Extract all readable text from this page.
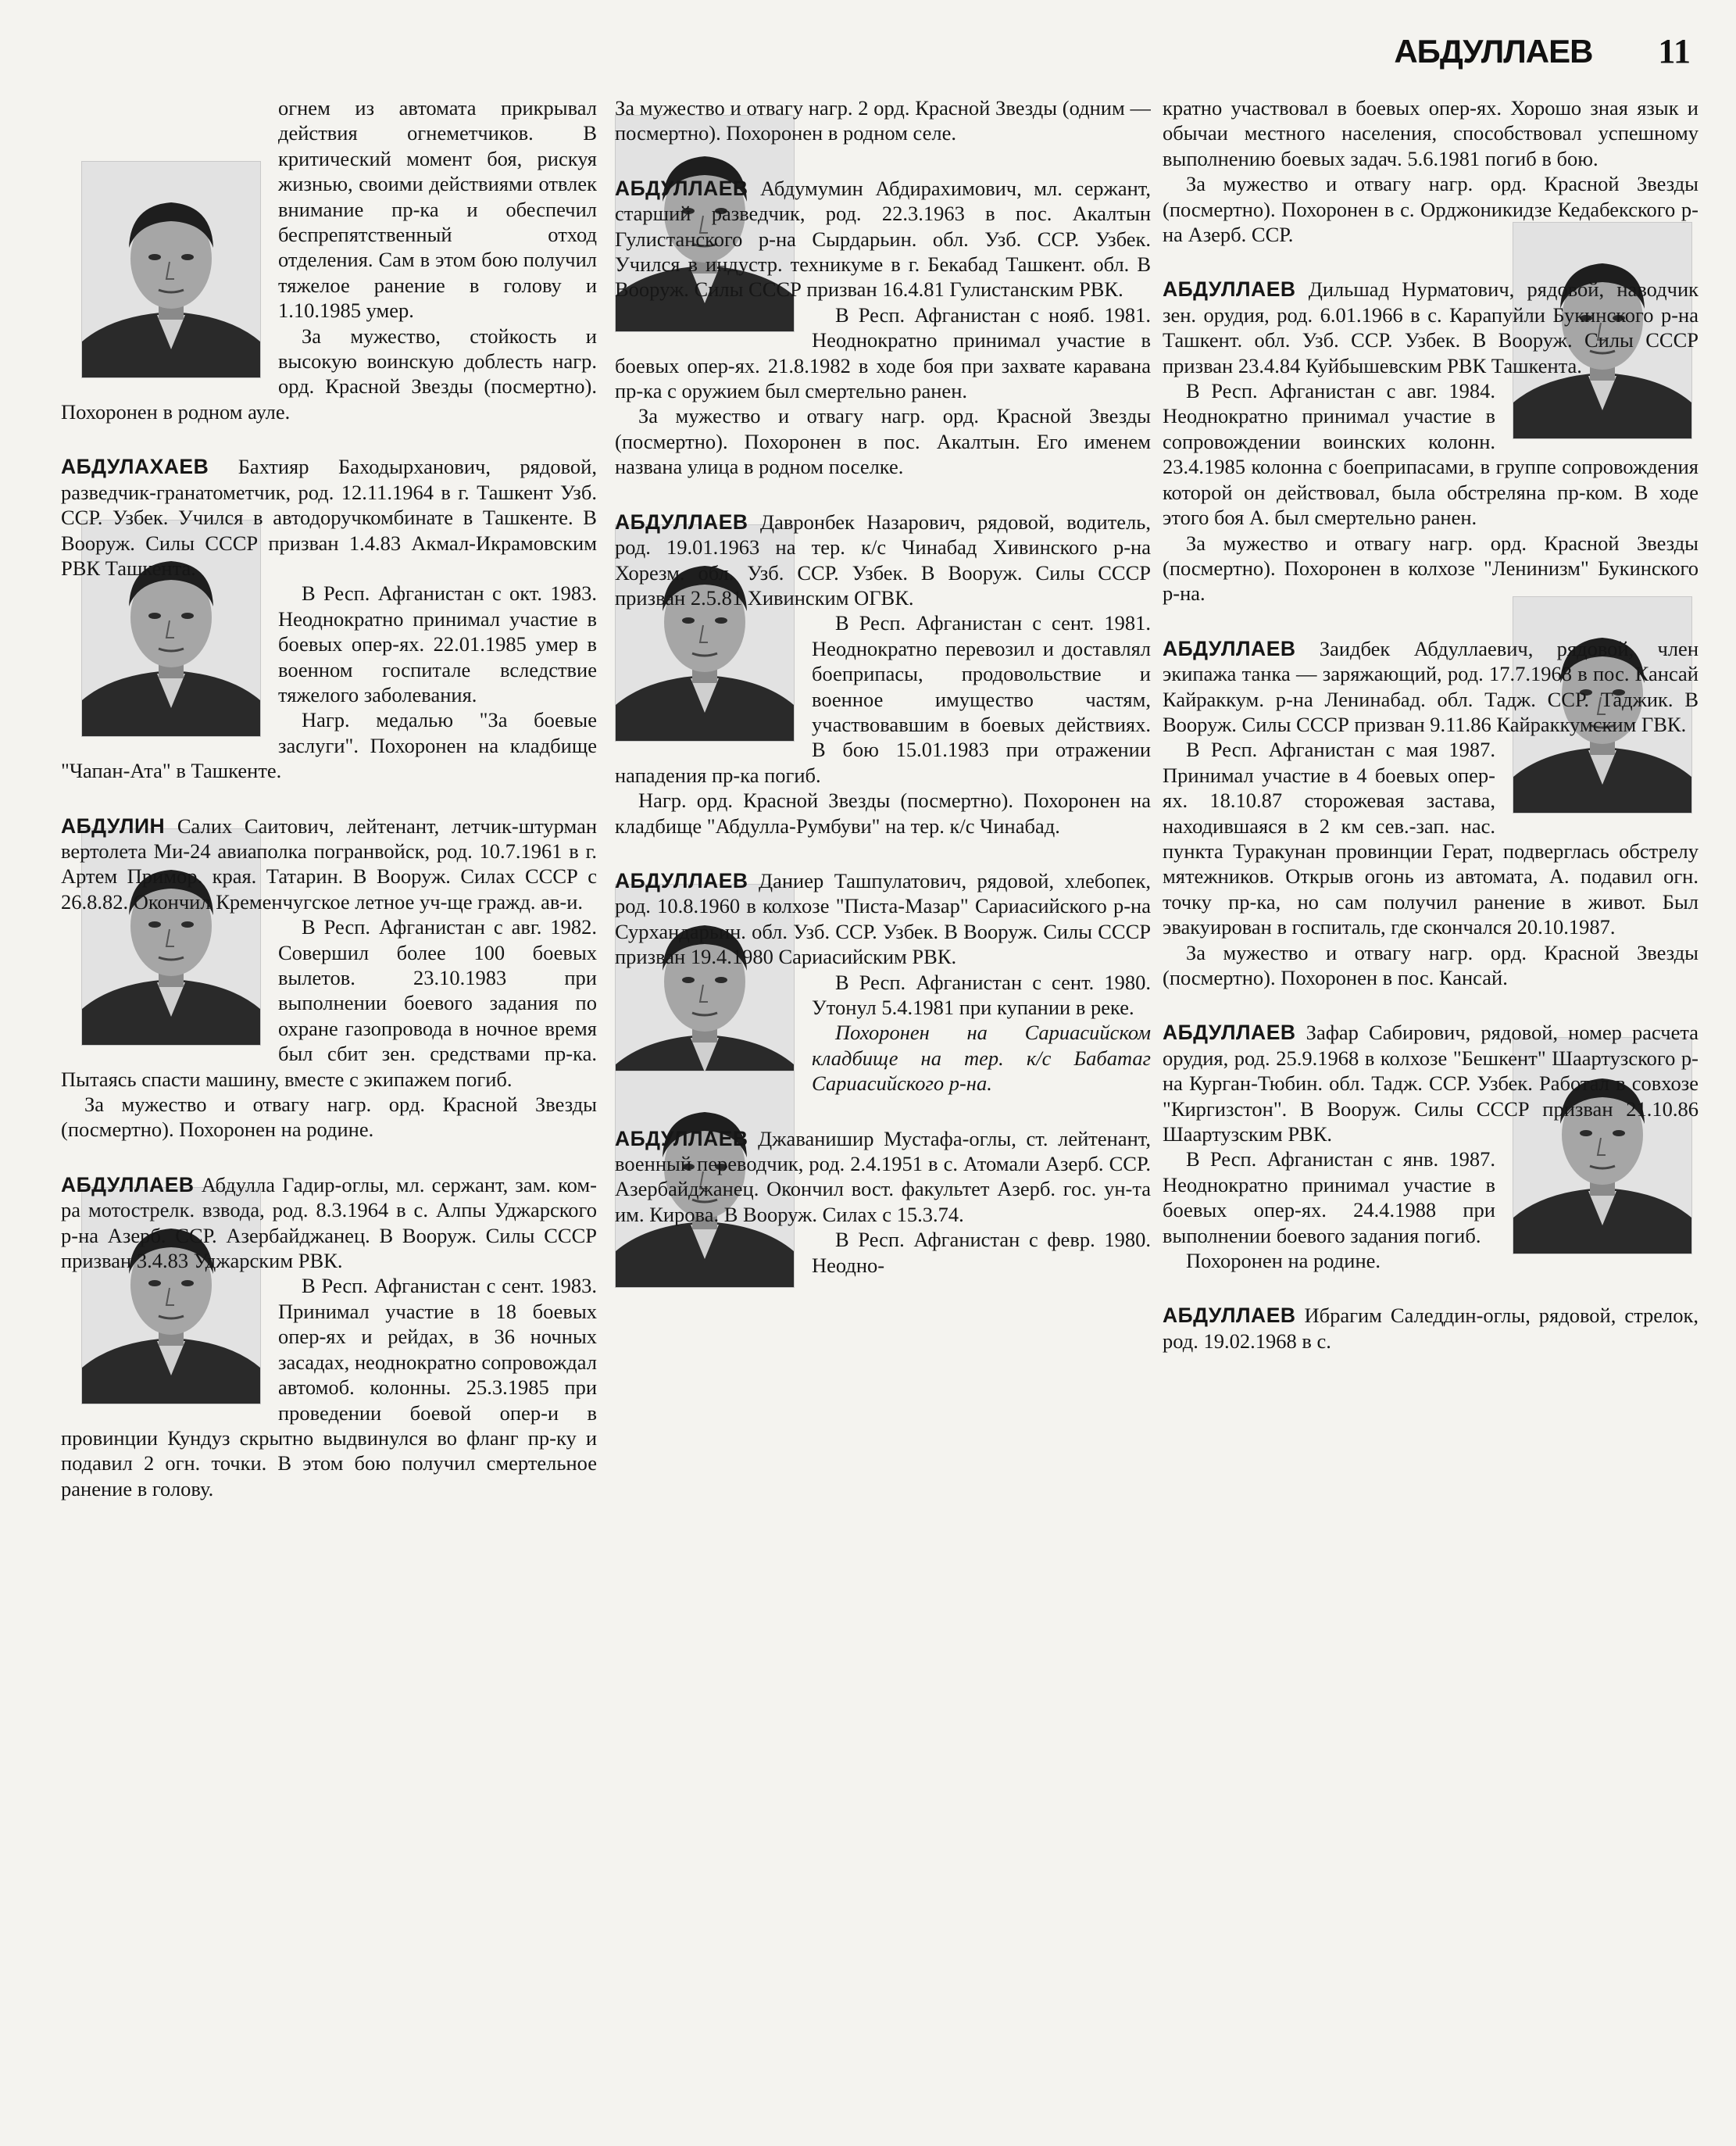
АБДУЛЛАЕВ 11

огнем из автомата прикрывал действия огнеметчиков. В критический момент боя, рискуя жизнью, своими действиями отвлек внимание пр-ка и обеспечил беспрепятственный отход отделения. Сам в этом бою получил тяжелое ранение в голову и 1.10.1985 умер.

За мужество, стойкость и высокую воинскую доблесть нагр. орд. Красной Звезды (посмертно). Похоронен в родном ауле.

АБДУЛАХАЕВ Бахтияр Баходырханович, рядовой, разведчик-гранатометчик, род. 12.11.1964 в г. Ташкент Узб. ССР. Узбек. Учился в автодоручкомбинате в Ташкенте. В Вооруж. Силы СССР призван 1.4.83 Акмал-Икрамовским РВК Ташкента.

В Респ. Афганистан с окт. 1983. Неоднократно принимал участие в боевых опер-ях. 22.01.1985 умер в военном госпитале вследствие тяжелого заболевания.

Нагр. медалью "За боевые заслуги". Похоронен на кладбище "Чапан-Ата" в Ташкенте.

АБДУЛИН Салих Саитович, лейтенант, летчик-штурман вертолета Ми-24 авиаполка погранвойск, род. 10.7.1961 в г. Артем Примор. края. Татарин. В Вооруж. Силах СССР с 26.8.82. Окончил Кременчугское летное уч-ще гражд. ав-и.

В Респ. Афганистан с авг. 1982. Совершил более 100 боевых вылетов. 23.10.1983 при выполнении боевого задания по охране газопровода в ночное время был сбит зен. средствами пр-ка. Пытаясь спасти машину, вместе с экипажем погиб.

За мужество и отвагу нагр. орд. Красной Звезды (посмертно). Похоронен на родине.

АБДУЛЛАЕВ Абдулла Гадир-оглы, мл. сержант, зам. ком-ра мотострелк. взвода, род. 8.3.1964 в с. Алпы Уджарского р-на Азерб. ССР. Азербайджанец. В Вооруж. Силы СССР призван 3.4.83 Уджарским РВК.

В Респ. Афганистан с сент. 1983. Принимал участие в 18 боевых опер-ях и рейдах, в 36 ночных засадах, неоднократно сопровождал автомоб. колонны. 25.3.1985 при проведении боевой опер-и в провинции Кундуз скрытно выдвинулся во фланг пр-ку и подавил 2 огн. точки. В этом бою получил смертельное ранение в голову.

За мужество и отвагу нагр. 2 орд. Красной Звезды (одним — посмертно). Похоронен в родном селе.

АБДУЛЛАЕВ Абдумумин Абдирахимович, мл. сержант, старший разведчик, род. 22.3.1963 в пос. Акалтын Гулистанского р-на Сырдарьин. обл. Узб. ССР. Узбек. Учился в индустр. техникуме в г. Бекабад Ташкент. обл. В Вооруж. Силы СССР призван 16.4.81 Гулистанским РВК.

В Респ. Афганистан с нояб. 1981. Неоднократно принимал участие в боевых опер-ях. 21.8.1982 в ходе боя при захвате каравана пр-ка с оружием был смертельно ранен.

За мужество и отвагу нагр. орд. Красной Звезды (посмертно). Похоронен в пос. Акалтын. Его именем названа улица в родном поселке.

АБДУЛЛАЕВ Давронбек Назарович, рядовой, водитель, род. 19.01.1963 на тер. к/с Чинабад Хивинского р-на Хорезм. обл. Узб. ССР. Узбек. В Вооруж. Силы СССР призван 2.5.81 Хивинским ОГВК.

В Респ. Афганистан с сент. 1981. Неоднократно перевозил и доставлял боеприпасы, продовольствие и военное имущество частям, участвовавшим в боевых действиях. В бою 15.01.1983 при отражении нападения пр-ка погиб.

Нагр. орд. Красной Звезды (посмертно). Похоронен на кладбище "Абдулла-Румбуви" на тер. к/с Чинабад.

АБДУЛЛАЕВ Даниер Ташпулатович, рядовой, хлебопек, род. 10.8.1960 в колхозе "Писта-Мазар" Сариасийского р-на Сурхандарьин. обл. Узб. ССР. Узбек. В Вооруж. Силы СССР призван 19.4.1980 Сариасийским РВК.

В Респ. Афганистан с сент. 1980. Утонул 5.4.1981 при купании в реке.

Похоронен на Сариасийском кладбище на тер. к/с Бабатаг Сариасийского р-на.

АБДУЛЛАЕВ Джаванишир Мустафа-оглы, ст. лейтенант, военный переводчик, род. 2.4.1951 в с. Атомали Азерб. ССР. Азербайджанец. Окончил вост. факультет Азерб. гос. ун-та им. Кирова. В Вооруж. Силах с 15.3.74.

В Респ. Афганистан с февр. 1980. Неодно-

кратно участвовал в боевых опер-ях. Хорошо зная язык и обычаи местного населения, способствовал успешному выполнению боевых задач. 5.6.1981 погиб в бою.

За мужество и отвагу нагр. орд. Красной Звезды (посмертно). Похоронен в с. Орджоникидзе Кедабекского р-на Азерб. ССР.

АБДУЛЛАЕВ Дильшад Нурматович, рядовой, наводчик зен. орудия, род. 6.01.1966 в с. Карапуйли Букинского р-на Ташкент. обл. Узб. ССР. Узбек. В Вооруж. Силы СССР призван 23.4.84 Куйбышевским РВК Ташкента.

В Респ. Афганистан с авг. 1984. Неоднократно принимал участие в сопровождении воинских колонн. 23.4.1985 колонна с боеприпасами, в группе сопровождения которой он действовал, была обстреляна пр-ком. В ходе этого боя А. был смертельно ранен.

За мужество и отвагу нагр. орд. Красной Звезды (посмертно). Похоронен в колхозе "Ленинизм" Букинского р-на.

АБДУЛЛАЕВ Заидбек Абдуллаевич, рядовой, член экипажа танка — заряжающий, род. 17.7.1968 в пос. Кансай Кайраккум. р-на Ленинабад. обл. Тадж. ССР. Таджик. В Вооруж. Силы СССР призван 9.11.86 Кайраккумским ГВК.

В Респ. Афганистан с мая 1987. Принимал участие в 4 боевых опер-ях. 18.10.87 сторожевая застава, находившаяся в 2 км сев.-зап. нас. пункта Туракунан провинции Герат, подверглась обстрелу мятежников. Открыв огонь из автомата, А. подавил огн. точку пр-ка, но сам получил ранение в живот. Был эвакуирован в госпиталь, где скончался 20.10.1987.

За мужество и отвагу нагр. орд. Красной Звезды (посмертно). Похоронен в пос. Кансай.

АБДУЛЛАЕВ Зафар Сабирович, рядовой, номер расчета орудия, род. 25.9.1968 в колхозе "Бешкент" Шаартузского р-на Курган-Тюбин. обл. Тадж. ССР. Узбек. Работал в совхозе "Киргизстон". В Вооруж. Силы СССР призван 21.10.86 Шаартузским РВК.

В Респ. Афганистан с янв. 1987. Неоднократно принимал участие в боевых опер-ях. 24.4.1988 при выполнении боевого задания погиб.

Похоронен на родине.

АБДУЛЛАЕВ Ибрагим Саледдин-оглы, рядовой, стрелок, род. 19.02.1968 в с.
